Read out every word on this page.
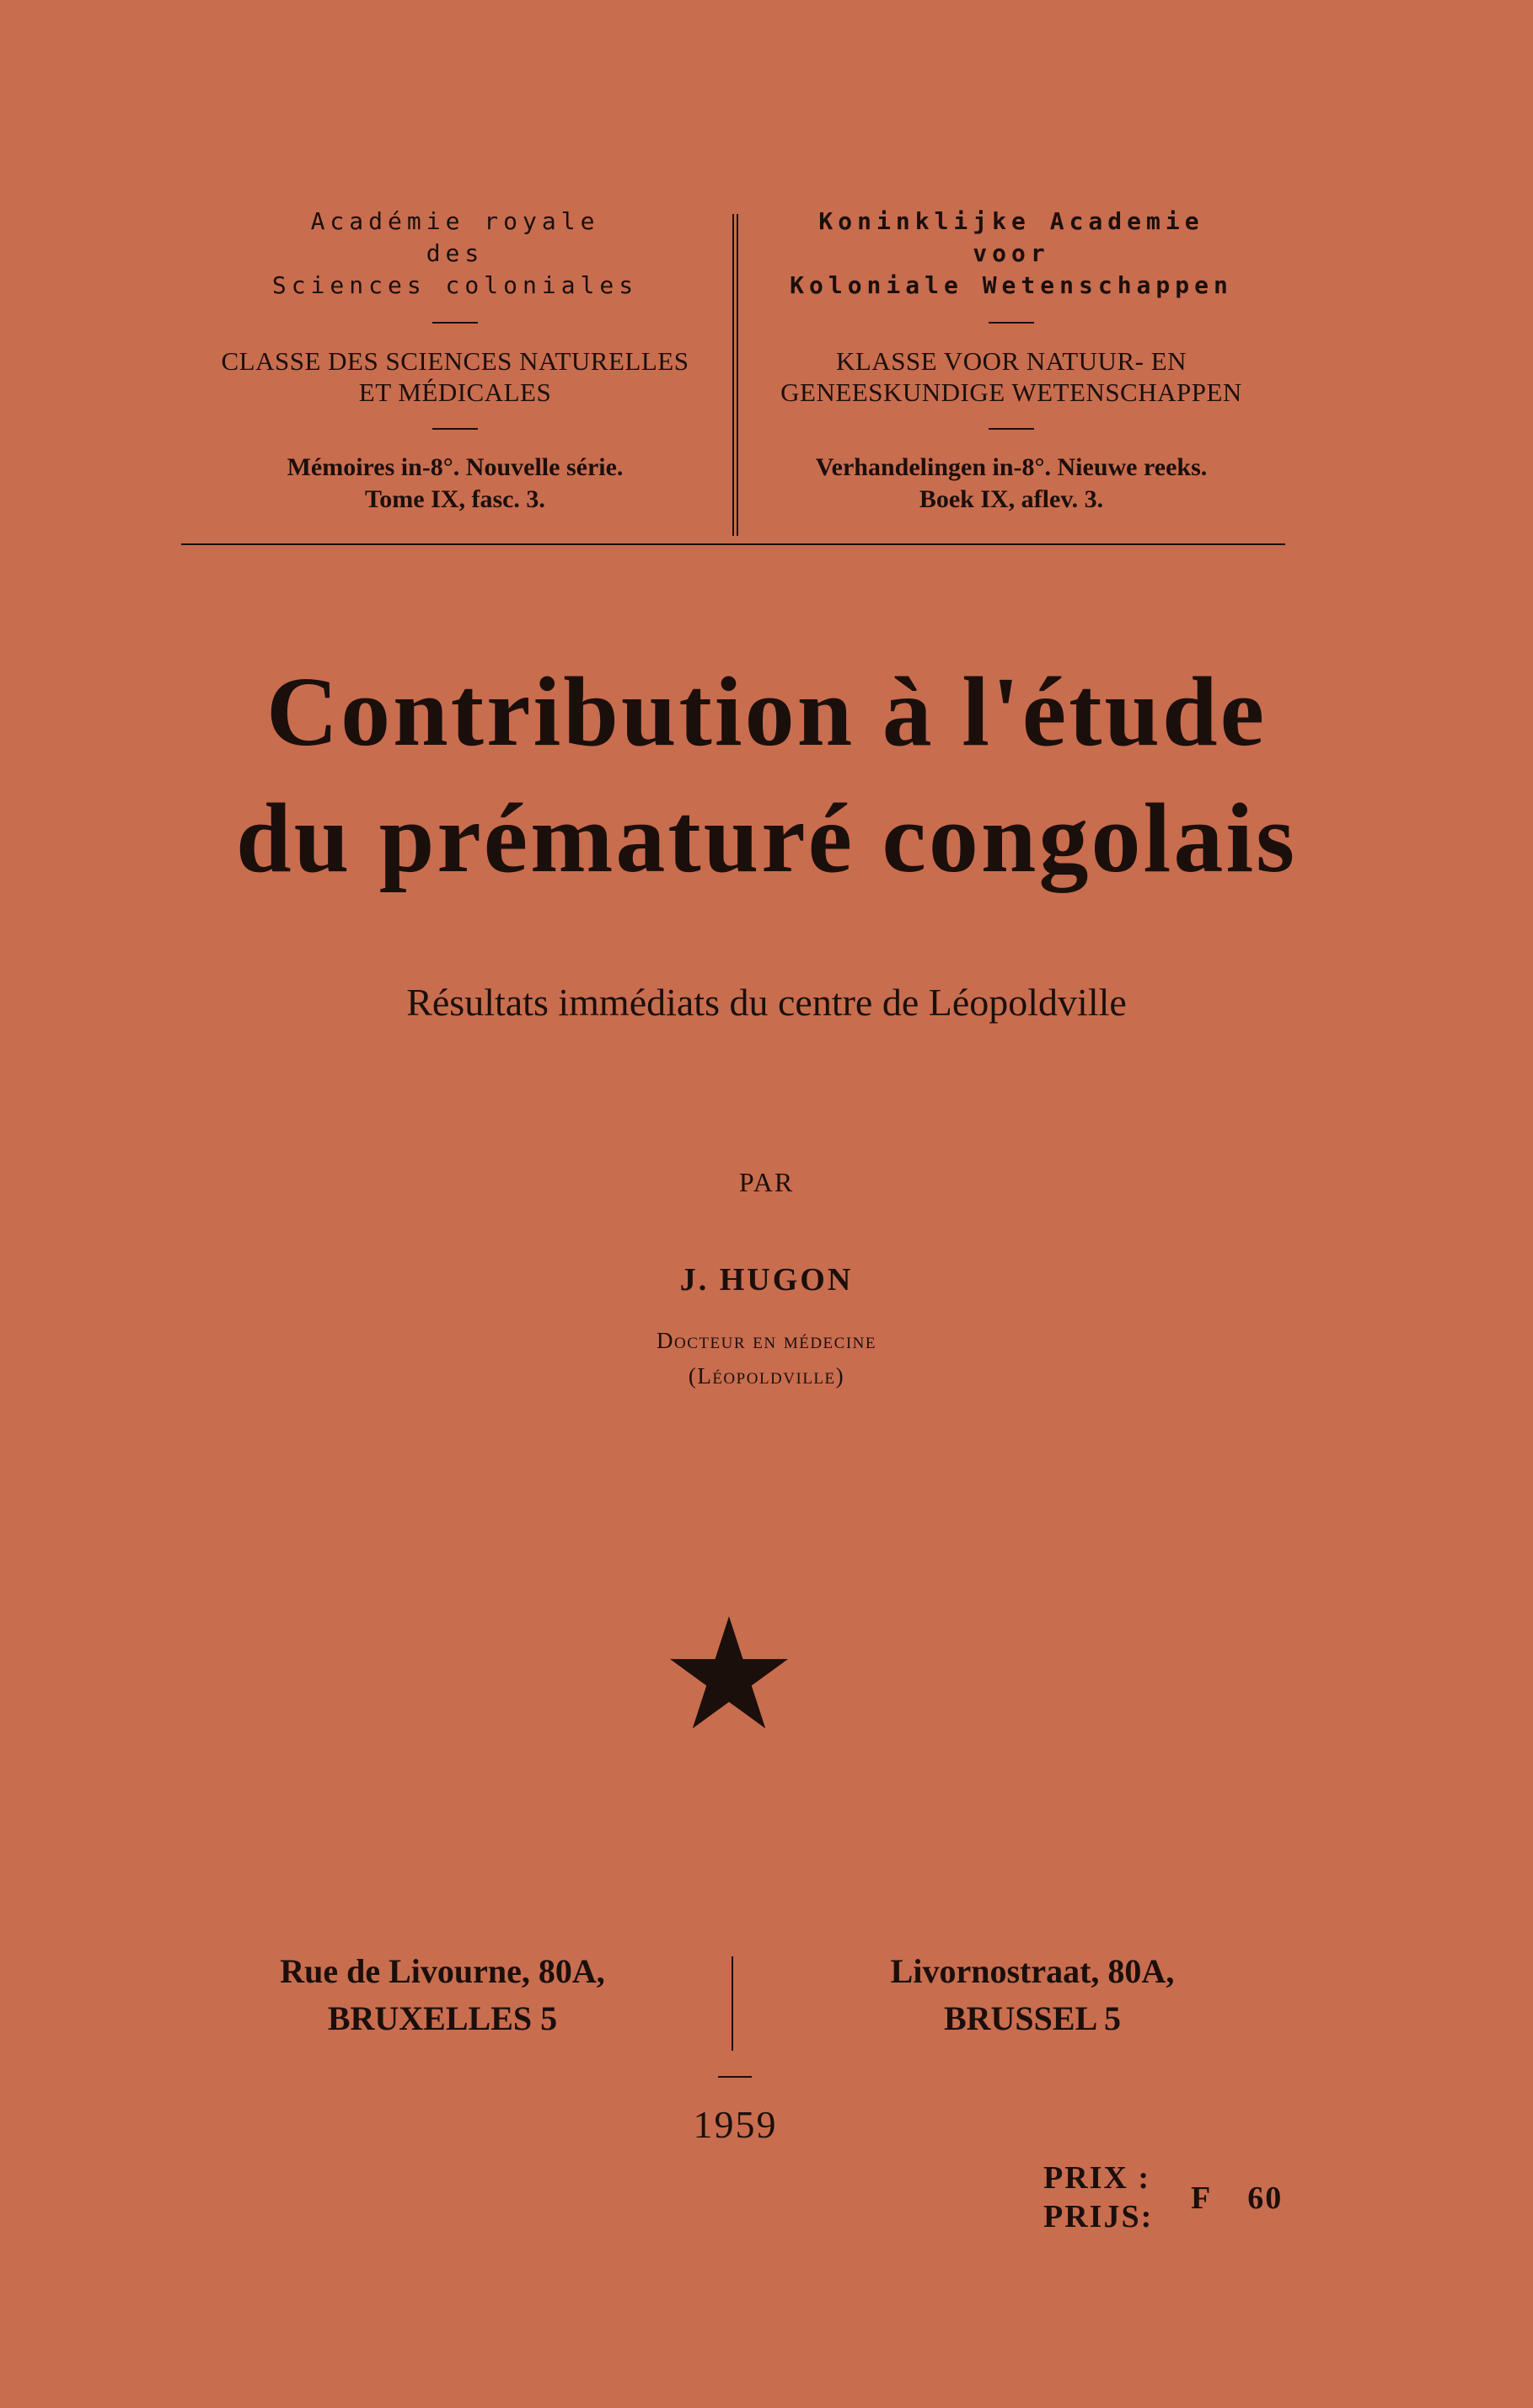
Académie royale
des
Sciences coloniales
CLASSE DES SCIENCES NATURELLES
ET MÉDICALES
Mémoires in-8°. Nouvelle série.
Tome IX, fasc. 3.
Koninklijke Academie
voor
Koloniale Wetenschappen
KLASSE VOOR NATUUR- EN
GENEESKUNDIGE WETENSCHAPPEN
Verhandelingen in-8°. Nieuwe reeks.
Boek IX, aflev. 3.
Contribution à l'étude
du prématuré congolais
Résultats immédiats du centre de Léopoldville
PAR
J. HUGON
Docteur en médecine
(Léopoldville)
Rue de Livourne, 80A,
BRUXELLES 5
Livornostraat, 80A,
BRUSSEL 5
1959
PRIX :
PRIJS:
F 60
